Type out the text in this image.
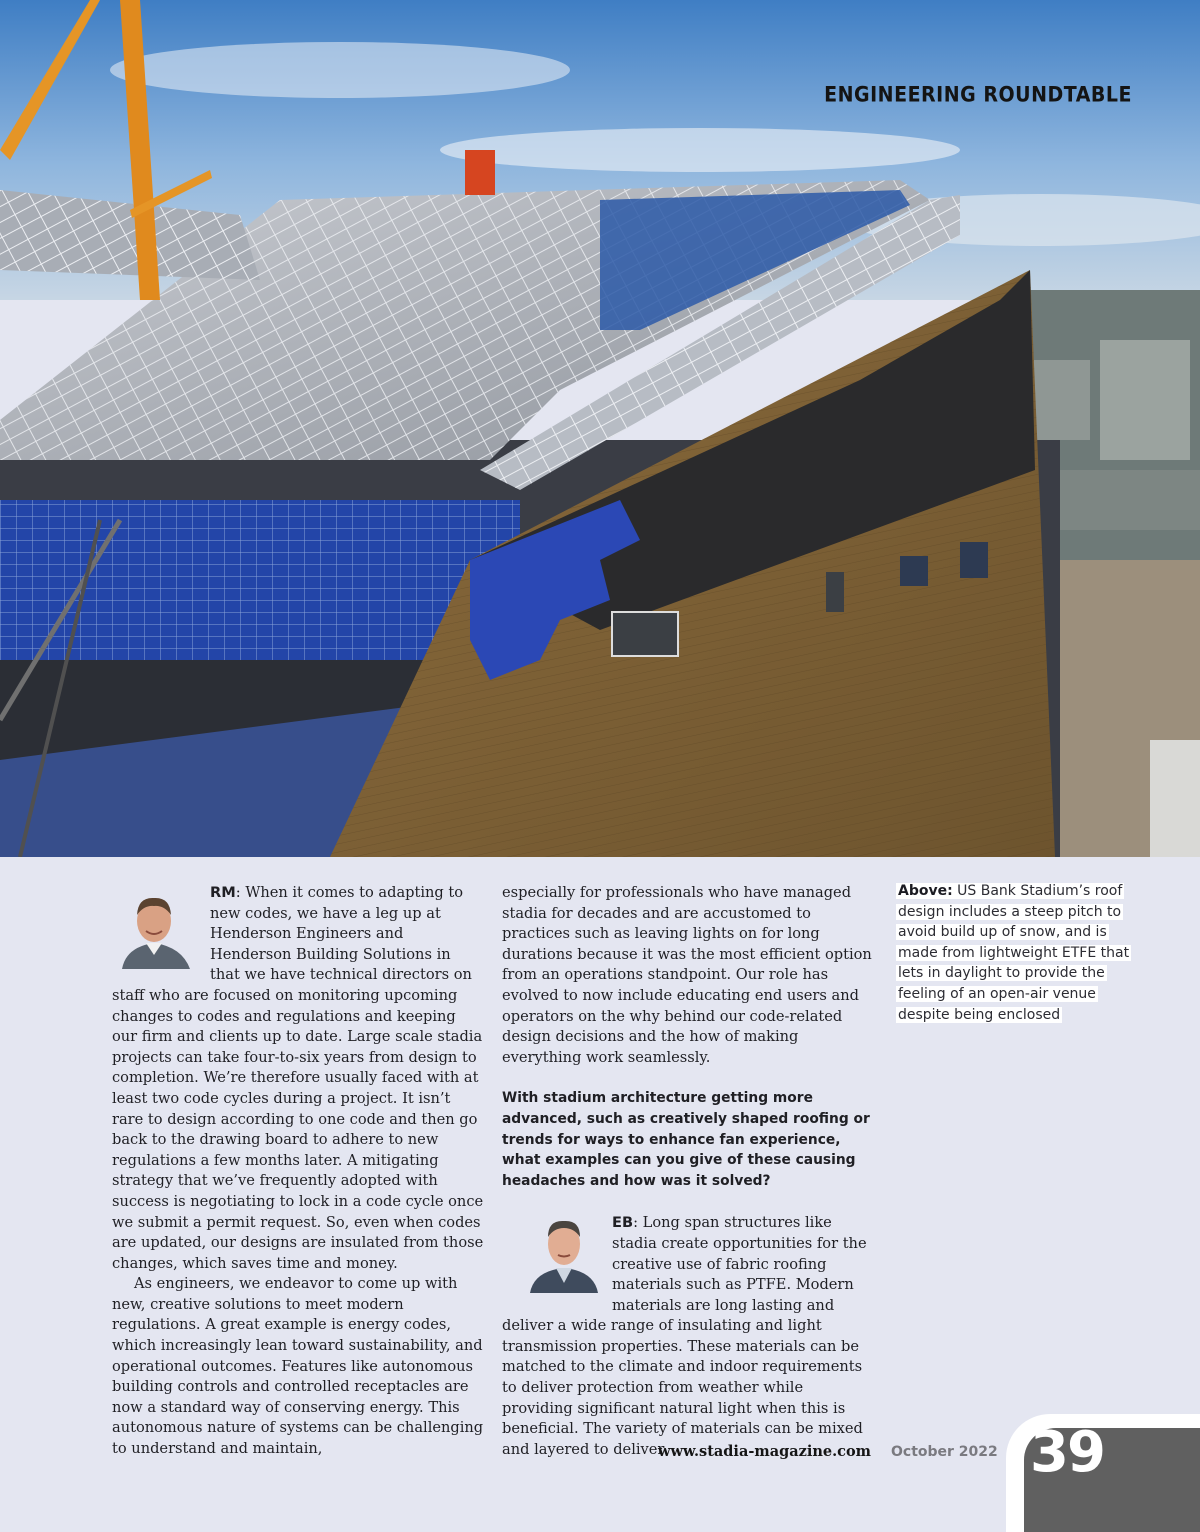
ENGINEERING ROUNDTABLE

RM: When it comes to adapting to new codes, we have a leg up at Henderson Engineers and Henderson Building Solutions in that we have technical directors on staff who are focused on monitoring upcoming changes to codes and regulations and keeping our firm and clients up to date. Large scale stadia projects can take four-to-six years from design to completion. We’re therefore usually faced with at least two code cycles during a project. It isn’t rare to design according to one code and then go back to the drawing board to adhere to new regulations a few months later. A mitigating strategy that we’ve frequently adopted with success is negotiating to lock in a code cycle once we submit a permit request. So, even when codes are updated, our designs are insulated from those changes, which saves time and money.

As engineers, we endeavor to come up with new, creative solutions to meet modern regulations. A great example is energy codes, which increasingly lean toward sustainability, and operational outcomes. Features like autonomous building controls and controlled receptacles are now a standard way of conserving energy. This autonomous nature of systems can be challenging to understand and maintain,

especially for professionals who have managed stadia for decades and are accustomed to practices such as leaving lights on for long durations because it was the most efficient option from an operations standpoint. Our role has evolved to now include educating end users and operators on the why behind our code-related design decisions and the how of making everything work seamlessly.

With stadium architecture getting more advanced, such as creatively shaped roofing or trends for ways to enhance fan experience, what examples can you give of these causing headaches and how was it solved?

EB: Long span structures like stadia create opportunities for the creative use of fabric roofing materials such as PTFE. Modern materials are long lasting and deliver a wide range of insulating and light transmission properties. These materials can be matched to the climate and indoor requirements to deliver protection from weather while providing significant natural light when this is beneficial. The variety of materials can be mixed and layered to deliver

Above: US Bank Stadium’s roof design includes a steep pitch to avoid build up of snow, and is made from lightweight ETFE that lets in daylight to provide the feeling of an open-air venue despite being enclosed
www.stadia-magazine.com October 2022 39
